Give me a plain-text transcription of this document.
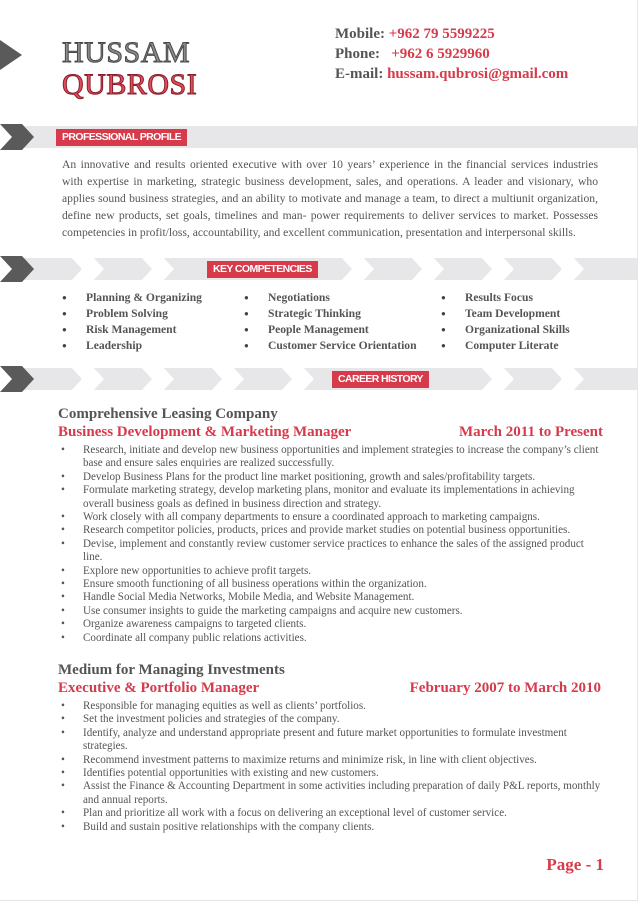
HUSSAM
QUBROSI
Mobile: +962 79 5599225
Phone: +962 6 5929960
E-mail: hussam.qubrosi@gmail.com
PROFESSIONAL PROFILE
An innovative and results oriented executive with over 10 years’ experience in the financial services industries with expertise in marketing, strategic business development, sales, and operations. A leader and visionary, who applies sound business strategies, and an ability to motivate and manage a team, to direct a multiunit organization, define new products, set goals, timelines and man- power requirements to deliver services to market. Possesses competencies in profit/loss, accountability, and excellent communication, presentation and interpersonal skills.
KEY COMPETENCIES
● Planning & Organizing
● Problem Solving
● Risk Management
● Leadership
● Negotiations
● Strategic Thinking
● People Management
● Customer Service Orientation
● Results Focus
● Team Development
● Organizational Skills
● Computer Literate
CAREER HISTORY
Comprehensive Leasing Company
Business Development & Marketing Manager	March 2011 to Present
• Research, initiate and develop new business opportunities and implement strategies to increase the company’s client base and ensure sales enquiries are realized successfully.
• Develop Business Plans for the product line market positioning, growth and sales/profitability targets.
• Formulate marketing strategy, develop marketing plans, monitor and evaluate its implementations in achieving overall business goals as defined in business direction and strategy.
• Work closely with all company departments to ensure a coordinated approach to marketing campaigns.
• Research competitor policies, products, prices and provide market studies on potential business opportunities.
• Devise, implement and constantly review customer service practices to enhance the sales of the assigned product line.
• Explore new opportunities to achieve profit targets.
• Ensure smooth functioning of all business operations within the organization.
• Handle Social Media Networks, Mobile Media, and Website Management.
• Use consumer insights to guide the marketing campaigns and acquire new customers.
• Organize awareness campaigns to targeted clients.
• Coordinate all company public relations activities.
Medium for Managing Investments
Executive & Portfolio Manager	February 2007 to March 2010
• Responsible for managing equities as well as clients’ portfolios.
• Set the investment policies and strategies of the company.
• Identify, analyze and understand appropriate present and future market opportunities to formulate investment strategies.
• Recommend investment patterns to maximize returns and minimize risk, in line with client objectives.
• Identifies potential opportunities with existing and new customers.
• Assist the Finance & Accounting Department in some activities including preparation of daily P&L reports, monthly and annual reports.
• Plan and prioritize all work with a focus on delivering an exceptional level of customer service.
• Build and sustain positive relationships with the company clients.
Page - 1
